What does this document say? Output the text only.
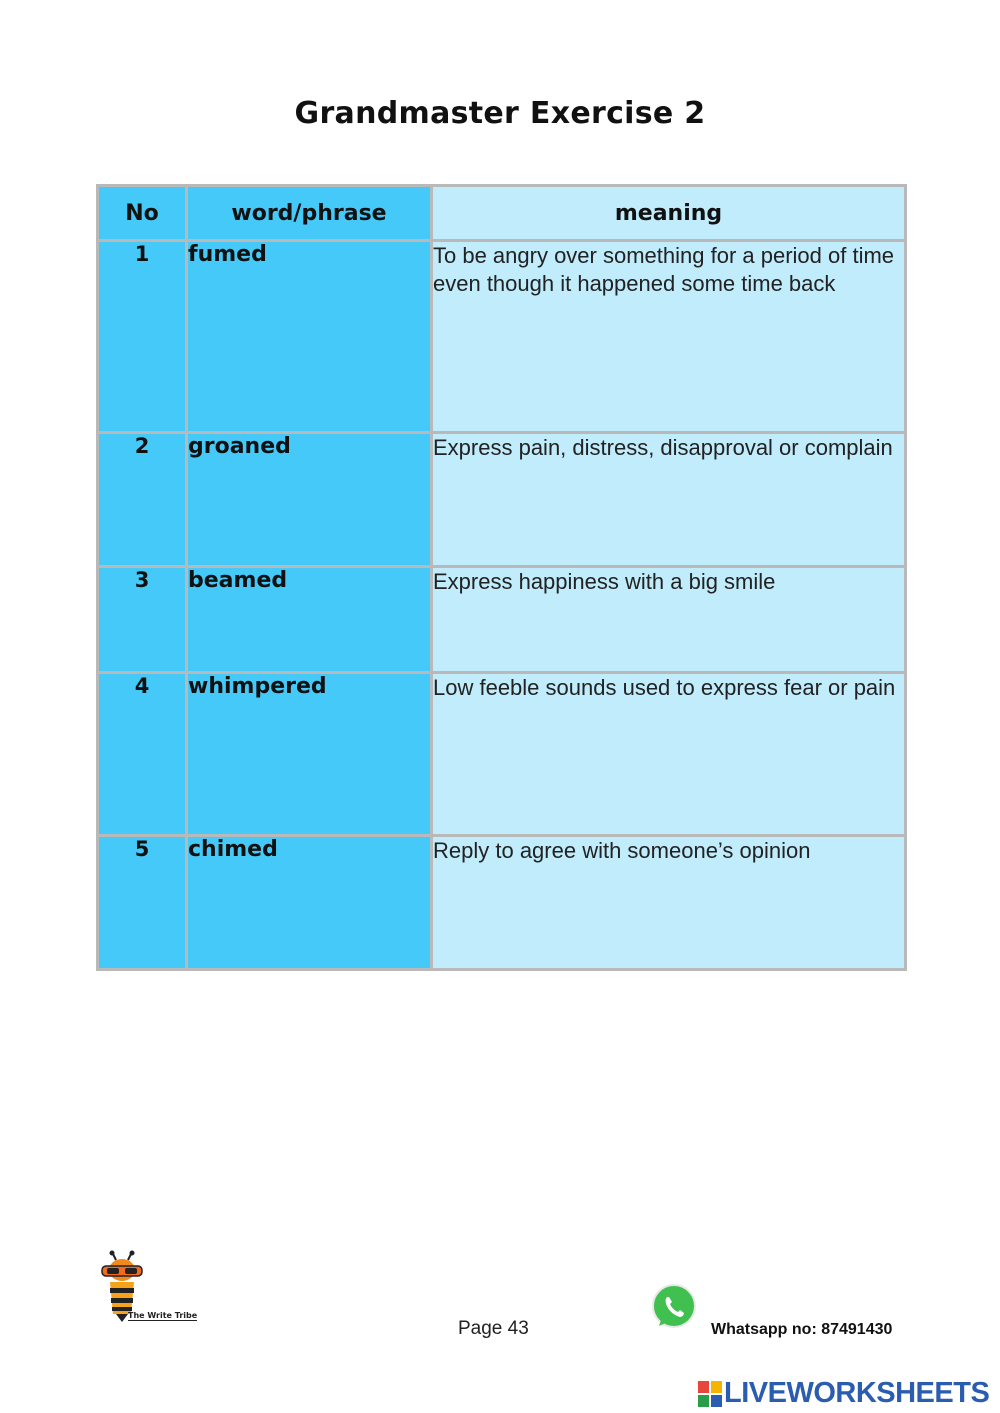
Grandmaster Exercise 2
No	word/phrase	meaning
1	fumed	To be angry over something for a period of time even though it happened some time back
2	groaned	Express pain, distress, disapproval or complain
3	beamed	Express happiness with a big smile
4	whimpered	Low feeble sounds used to express fear or pain
5	chimed	Reply to agree with someone’s opinion
The Write Tribe
Page 43	Whatsapp no: 87491430
LIVEWORKSHEETS
